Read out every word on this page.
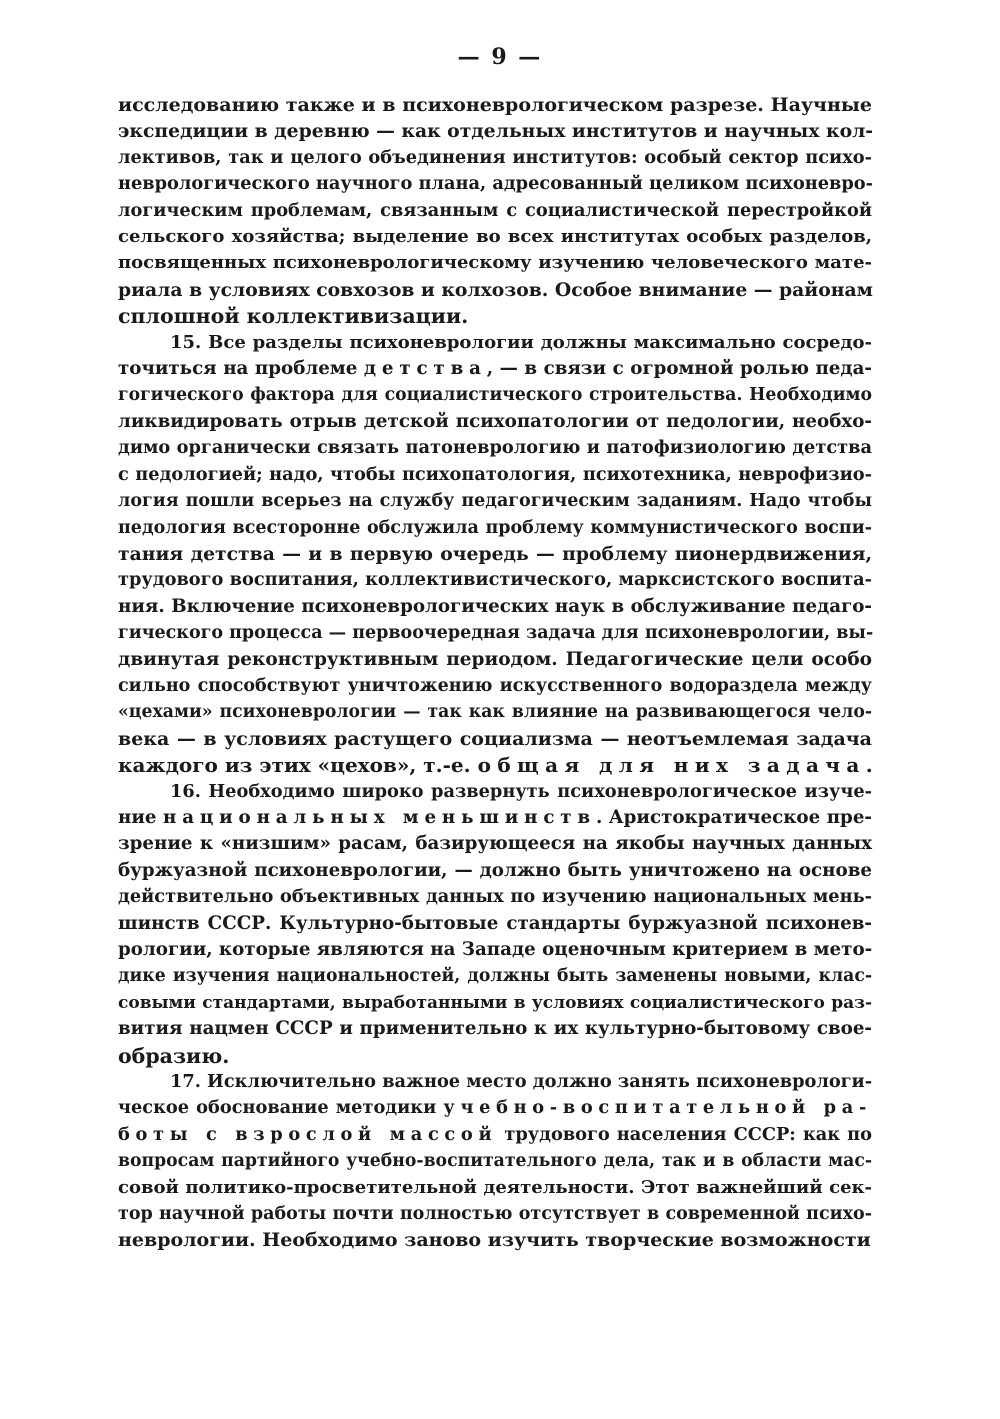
— 9 —
исследованию также и в психоневрологическом разрезе. Научные
экспедиции в деревню — как отдельных институтов и научных кол-
лективов, так и целого объединения институтов: особый сектор психо-
неврологического научного плана, адресованный целиком психоневро-
логическим проблемам, связанным с социалистической перестройкой
сельского хозяйства; выделение во всех институтах особых разделов,
посвященных психоневрологическому изучению человеческого мате-
риала в условиях совхозов и колхозов. Особое внимание — районам
сплошной коллективизации.
15. Все разделы психоневрологии должны максимально сосредо-
точиться на проблеме детства, — в связи с огромной ролью педа-
гогического фактора для социалистического строительства. Необходимо
ликвидировать отрыв детской психопатологии от педологии, необхо-
димо органически связать патоневрологию и патофизиологию детства
с педологией; надо, чтобы психопатология, психотехника, неврофизио-
логия пошли всерьез на службу педагогическим заданиям. Надо чтобы
педология всесторонне обслужила проблему коммунистического воспи-
тания детства — и в первую очередь — проблему пионердвижения,
трудового воспитания, коллективистического, марксистского воспита-
ния. Включение психоневрологических наук в обслуживание педаго-
гического процесса — первоочередная задача для психоневрологии, вы-
двинутая реконструктивным периодом. Педагогические цели особо
сильно способствуют уничтожению искусственного водораздела между
«цехами» психоневрологии — так как влияние на развивающегося чело-
века — в условиях растущего социализма — неотъемлемая задача
каждого из этих «цехов», т.-е. общая для них задача.
16. Необходимо широко развернуть психоневрологическое изуче-
ние национальных меньшинств. Аристократическое пре-
зрение к «низшим» расам, базирующееся на якобы научных данных
буржуазной психоневрологии, — должно быть уничтожено на основе
действительно объективных данных по изучению национальных мень-
шинств СССР. Культурно-бытовые стандарты буржуазной психонев-
рологии, которые являются на Западе оценочным критерием в мето-
дике изучения национальностей, должны быть заменены новыми, клас-
совыми стандартами, выработанными в условиях социалистического раз-
вития нацмен СССР и применительно к их культурно-бытовому свое-
образию.
17. Исключительно важное место должно занять психоневрологи-
ческое обоснование методики учебно-воспитательной ра-
боты с взрослой массой трудового населения СССР: как по
вопросам партийного учебно-воспитательного дела, так и в области мас-
совой политико-просветительной деятельности. Этот важнейший сек-
тор научной работы почти полностью отсутствует в современной психо-
неврологии. Необходимо заново изучить творческие возможности
